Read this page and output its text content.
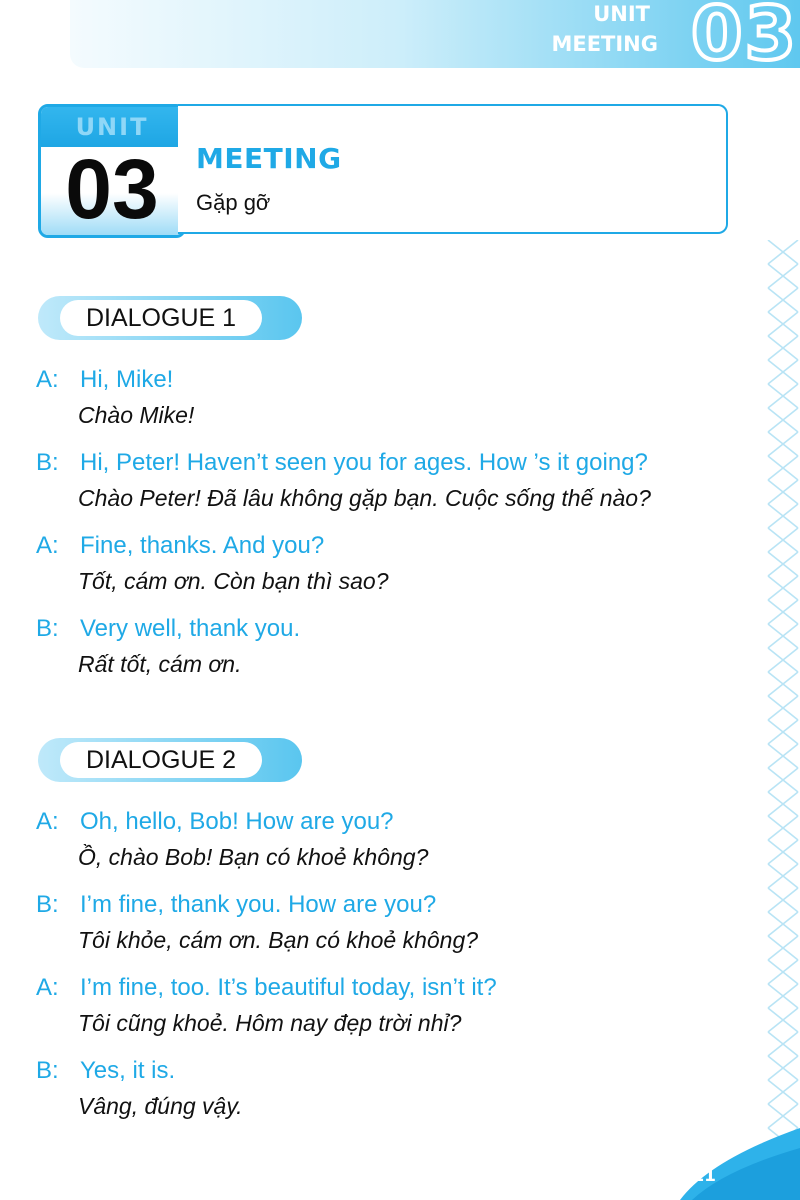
UNIT
MEETING 03
UNIT
03	MEETING
Gặp gỡ
DIALOGUE 1
A: Hi, Mike!
Chào Mike!
B: Hi, Peter! Haven’t seen you for ages. How ’s it going?
Chào Peter! Đã lâu không gặp bạn. Cuộc sống thế nào?
A: Fine, thanks. And you?
Tốt, cám ơn. Còn bạn thì sao?
B: Very well, thank you.
Rất tốt, cám ơn.
DIALOGUE 2
A: Oh, hello, Bob! How are you?
Ồ, chào Bob! Bạn có khoẻ không?
B: I’m fine, thank you. How are you?
Tôi khỏe, cám ơn. Bạn có khoẻ không?
A: I’m fine, too. It’s beautiful today, isn’t it?
Tôi cũng khoẻ. Hôm nay đẹp trời nhỉ?
B: Yes, it is.
Vâng, đúng vậy.
11
